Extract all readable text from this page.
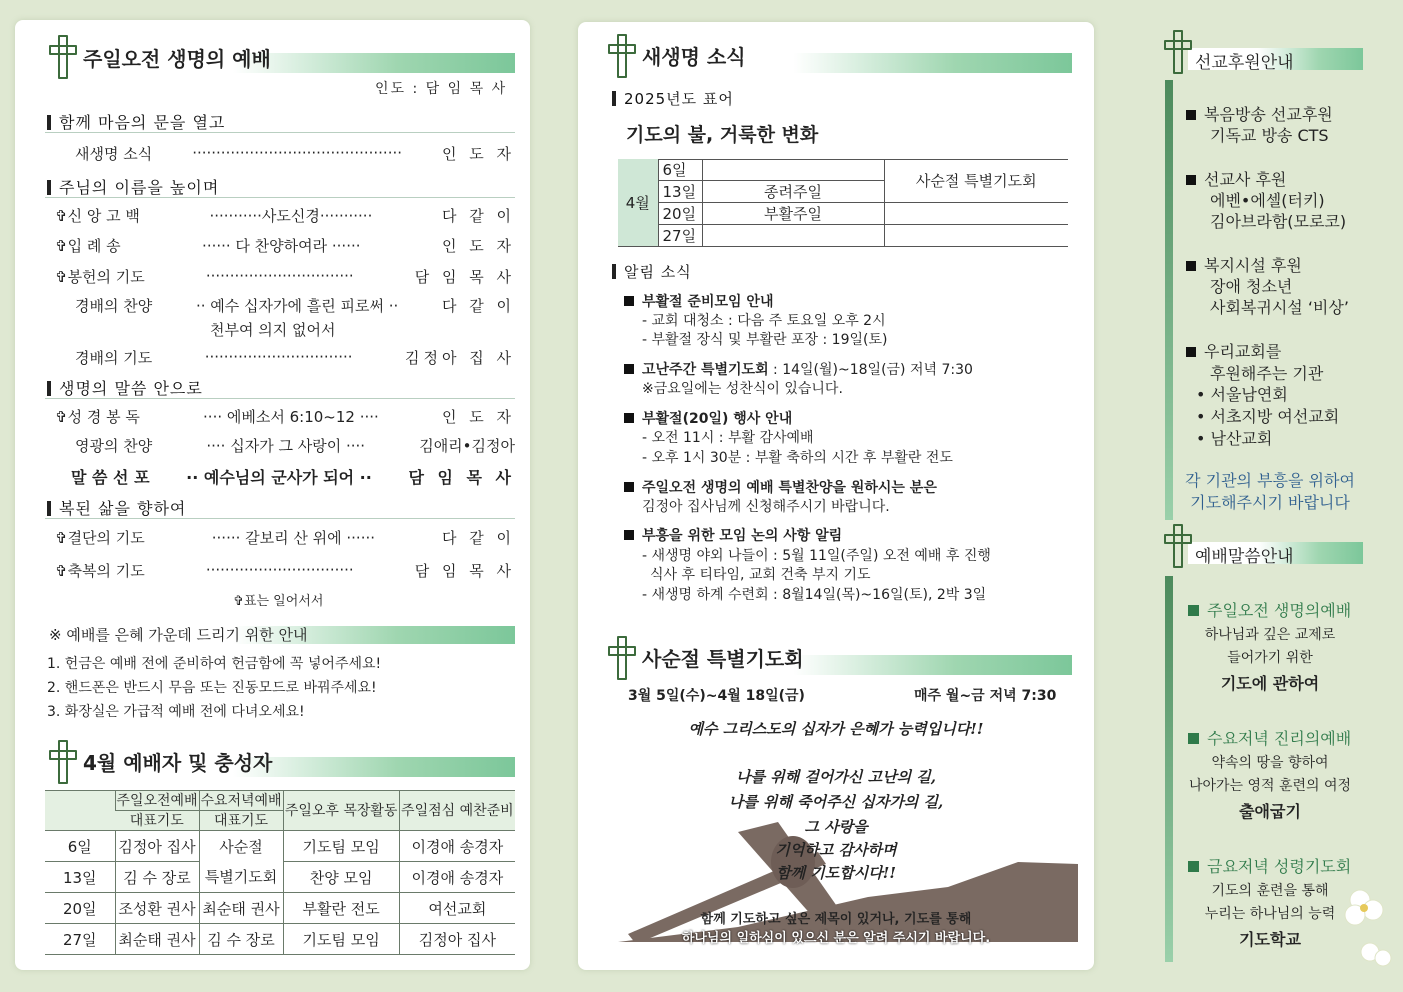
주일오전 생명의 예배
인도 : 담 임 목 사
함께 마음의 문을 열고
새생명 소식	············································	인 도 자
주님의 이름을 높이며
✞신 앙 고 백	···········사도신경···········	다 같 이
✞입 례 송	······ 다 찬양하여라 ······	인 도 자
✞봉헌의 기도	·······························	담 임 목 사
경배의 찬양	·· 예수 십자가에 흘린 피로써 ··	다 같 이
천부여 의지 없어서
경배의 기도	·······························	김정아 집 사
생명의 말씀 안으로
✞성 경 봉 독	···· 에베소서 6:10~12 ····	인 도 자
영광의 찬양	···· 십자가 그 사랑이 ····	김애리•김정아
말 씀 선 포	·· 예수님의 군사가 되어 ··	담 임 목 사
복된 삶을 향하여
✞결단의 기도	······ 갈보리 산 위에 ······	다 같 이
✞축복의 기도	·······························	담 임 목 사
✞표는 일어서서
※ 예배를 은혜 가운데 드리기 위한 안내
1. 헌금은 예배 전에 준비하여 헌금함에 꼭 넣어주세요!
2. 핸드폰은 반드시 무음 또는 진동모드로 바꿔주세요!
3. 화장실은 가급적 예배 전에 다녀오세요!
4월 예배자 및 충성자
	주일오전예배	수요저녁예배	주일오후 목장활동	주일점심 예찬준비
	대표기도	대표기도		
6일	김정아 집사	사순절	기도팀 모임	이경애 송경자
13일	김 수 장로	특별기도회	찬양 모임	이경애 송경자
20일	조성환 권사	최순태 권사	부활란 전도	여선교회
27일	최순태 권사	김 수 장로	기도팀 모임	김정아 집사
새생명 소식
2025년도 표어
기도의 불, 거룩한 변화
4월	6일		사순절 특별기도회
	13일	종려주일	
	20일	부활주일	
	27일		
알림 소식
부활절 준비모임 안내
- 교회 대청소 : 다음 주 토요일 오후 2시
- 부활절 장식 및 부활란 포장 : 19일(토)
고난주간 특별기도회 : 14일(월)~18일(금) 저녁 7:30
※금요일에는 성찬식이 있습니다.
부활절(20일) 행사 안내
- 오전 11시 : 부활 감사예배
- 오후 1시 30분 : 부활 축하의 시간 후 부활란 전도
주일오전 생명의 예배 특별찬양을 원하시는 분은
김정아 집사님께 신청해주시기 바랍니다.
부흥을 위한 모임 논의 사항 알림
- 새생명 야외 나들이 : 5월 11일(주일) 오전 예배 후 진행
식사 후 티타임, 교회 건축 부지 기도
- 새생명 하계 수련회 : 8월14일(목)~16일(토), 2박 3일
사순절 특별기도회
3월 5일(수)~4월 18일(금)	매주 월~금 저녁 7:30
예수 그리스도의 십자가 은혜가 능력입니다!!
나를 위해 걸어가신 고난의 길,
나를 위해 죽어주신 십자가의 길,
그 사랑을
기억하고 감사하며
함께 기도합시다!!
함께 기도하고 싶은 제목이 있거나, 기도를 통해
하나님의 일하심이 있으신 분은 알려 주시기 바랍니다.
선교후원안내
복음방송 선교후원
기독교 방송 CTS
선교사 후원
에벤•에셀(터키)
김아브라함(모로코)
복지시설 후원
장애 청소년
사회복귀시설 ‘비상’
우리교회를
후원해주는 기관
• 서울남연회
• 서초지방 여선교회
• 남산교회
각 기관의 부흥을 위하여
기도해주시기 바랍니다
예배말씀안내
주일오전 생명의예배
하나님과 깊은 교제로
들어가기 위한
기도에 관하여
수요저녁 진리의예배
약속의 땅을 향하여
나아가는 영적 훈련의 여정
출애굽기
금요저녁 성령기도회
기도의 훈련을 통해
누리는 하나님의 능력
기도학교
